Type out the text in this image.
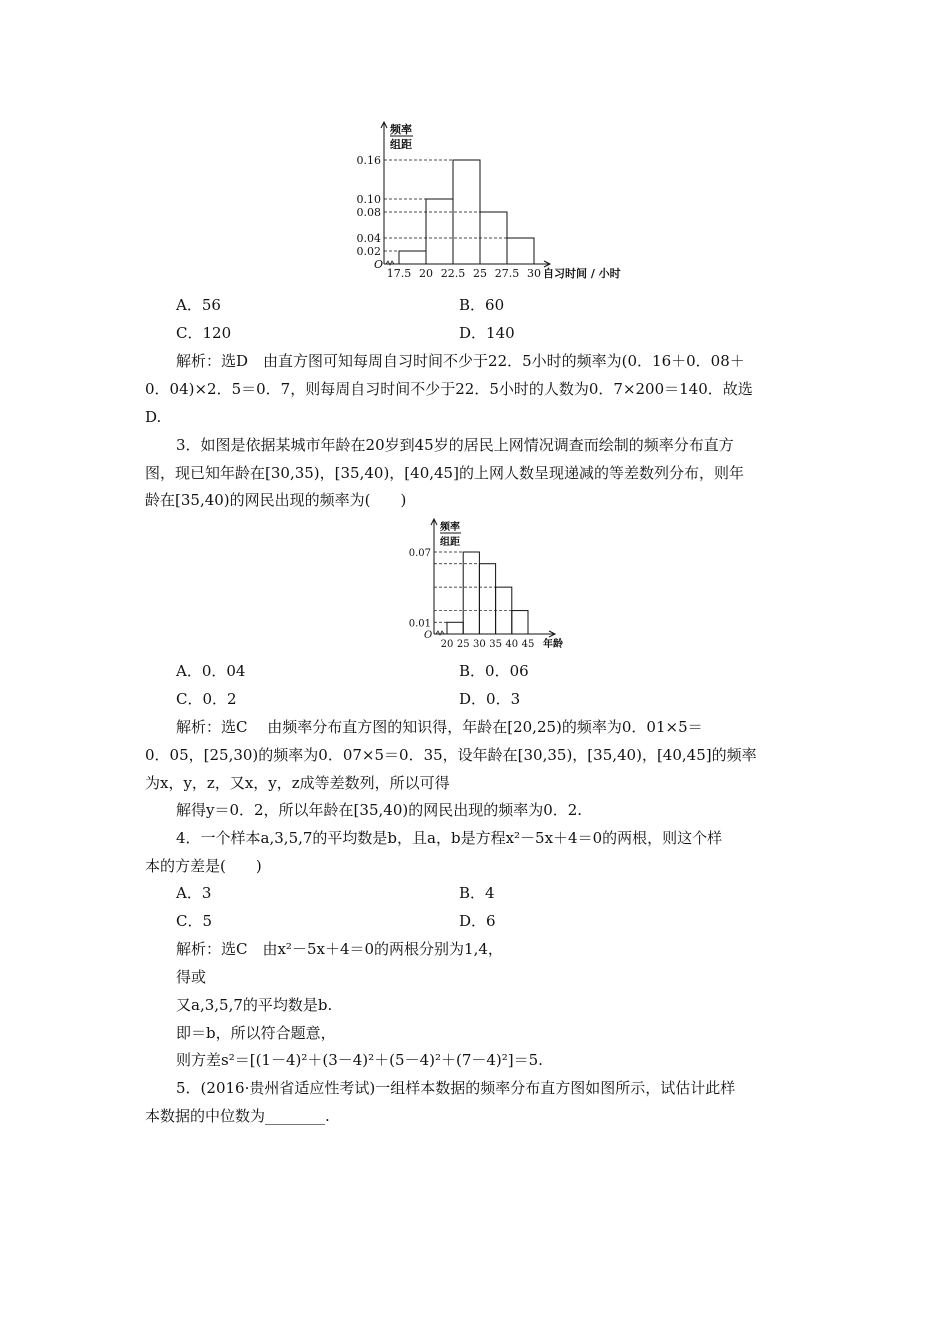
频率
组距
O
0.16
0.10
0.08
0.04
0.02
17.5 20 22.5 25 27.5 30 自习时间 / 小时
A．56	B．60
C．120	D．140
解析：选D　由直方图可知每周自习时间不少于22．5小时的频率为(0．16＋0．08＋
0．04)×2．5＝0．7，则每周自习时间不少于22．5小时的人数为0．7×200＝140．故选
D.
3．如图是依据某城市年龄在20岁到45岁的居民上网情况调查而绘制的频率分布直方
图，现已知年龄在[30,35)，[35,40)，[40,45]的上网人数呈现递减的等差数列分布，则年
龄在[35,40)的网民出现的频率为(　　)
频率
组距
O
0.07
0.01
20 25 30 35 40 45 年龄
A．0．04	B．0．06
C．0．2	D．0．3
解析：选C　 由频率分布直方图的知识得，年龄在[20,25)的频率为0．01×5＝
0．05，[25,30)的频率为0．07×5＝0．35，设年龄在[30,35)，[35,40)，[40,45]的频率
为x，y，z，又x，y，z成等差数列，所以可得
解得y＝0．2，所以年龄在[35,40)的网民出现的频率为0．2.
4．一个样本a,3,5,7的平均数是b，且a，b是方程x²－5x＋4＝0的两根，则这个样
本的方差是(　　)
A．3	B．4
C．5	D．6
解析：选C　由x²－5x＋4＝0的两根分别为1,4，
得或
又a,3,5,7的平均数是b.
即＝b，所以符合题意，
则方差s²＝[(1－4)²＋(3－4)²＋(5－4)²＋(7－4)²]＝5.
5．(2016·贵州省适应性考试)一组样本数据的频率分布直方图如图所示，试估计此样
本数据的中位数为________.
